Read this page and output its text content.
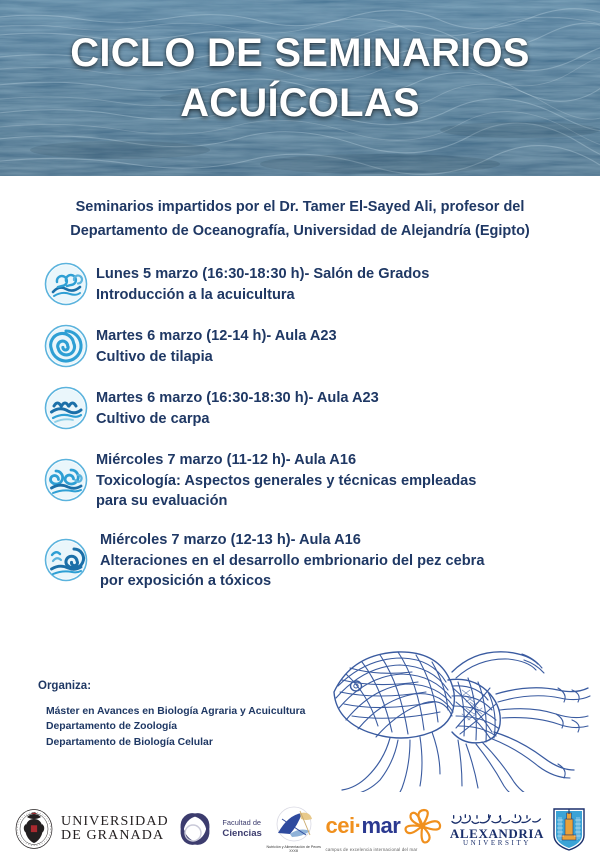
CICLO DE SEMINARIOS
ACUÍCOLAS
Seminarios impartidos por el Dr. Tamer El-Sayed Ali, profesor del
Departamento de Oceanografía, Universidad de Alejandría (Egipto)
Lunes 5 marzo (16:30-18:30 h)- Salón de Grados
Introducción a la acuicultura
Martes 6 marzo (12-14 h)- Aula A23
Cultivo de tilapia
Martes 6 marzo (16:30-18:30 h)- Aula A23
Cultivo de carpa
Miércoles 7 marzo (11-12 h)- Aula A16
Toxicología: Aspectos generales y técnicas empleadas
para su evaluación
Miércoles 7 marzo (12-13 h)- Aula A16
Alteraciones en el desarrollo embrionario del pez cebra
por exposición a tóxicos
Organiza:
Máster en Avances en Biología Agraria y Acuicultura
Departamento de Zoología
Departamento de Biología Celular
UNIVERSIDAD
DE GRANADA
Facultad de
Ciencias
Nutrición y Alimentación de Peces
XXXIII
cei·mar
campus de excelencia internacional del mar
ALEXANDRIA
UNIVERSITY
